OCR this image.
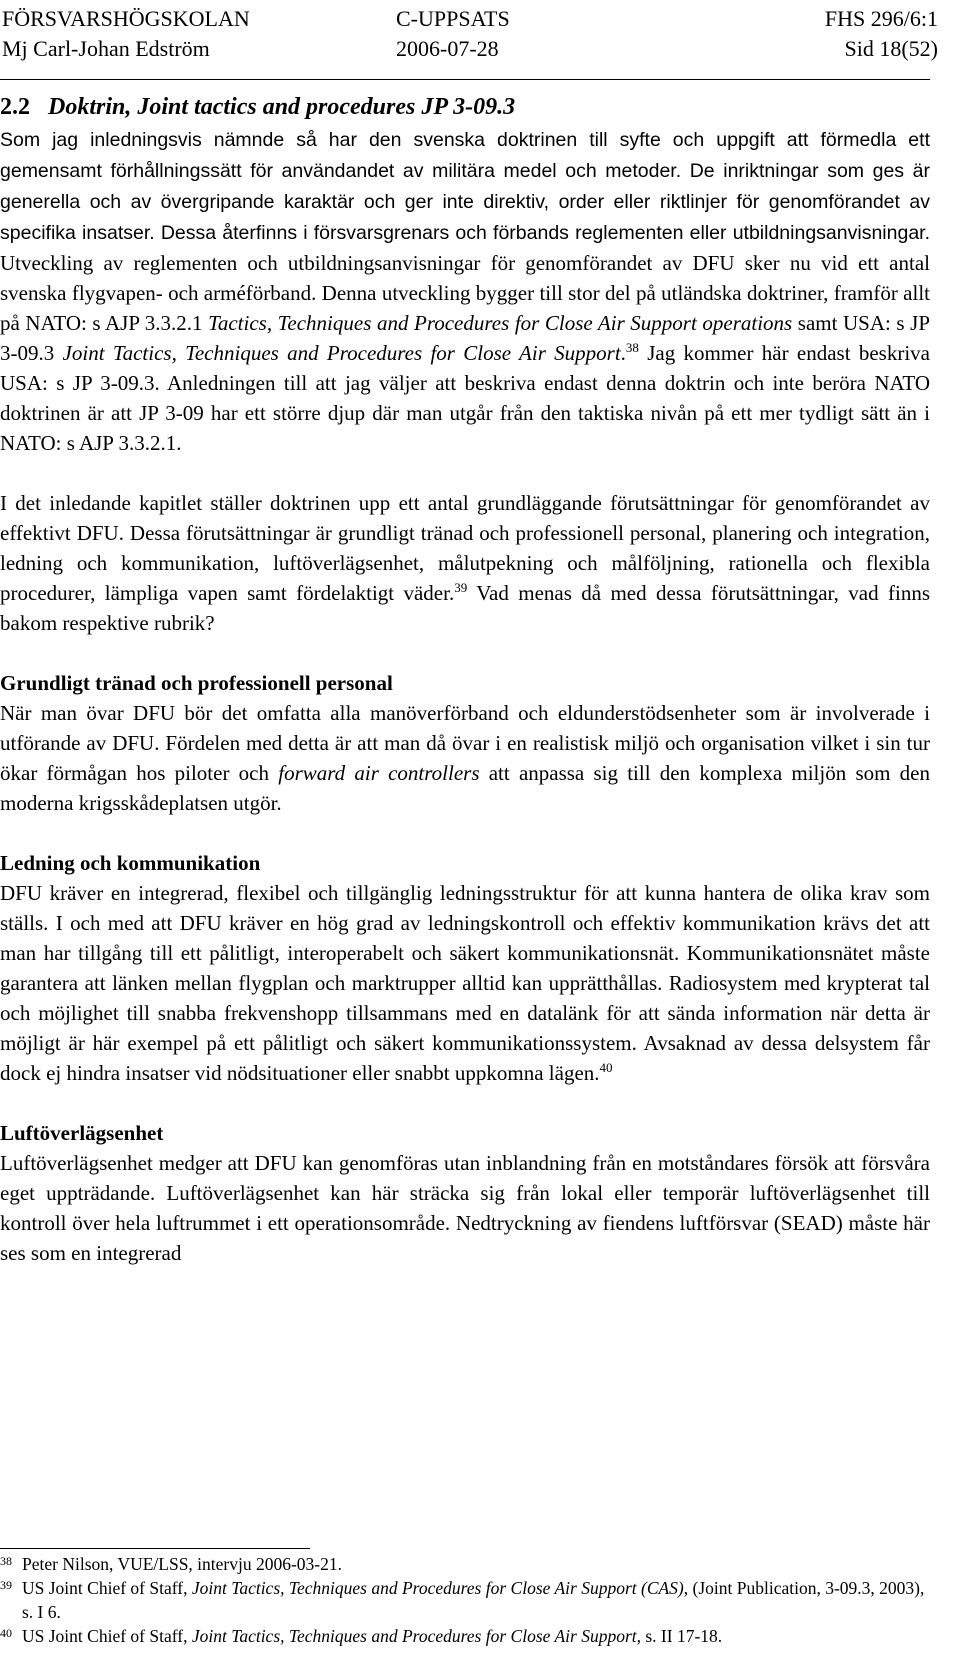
FÖRSVARSHÖGSKOLAN	C-UPPSATS	FHS 296/6:1
Mj Carl-Johan Edström	2006-07-28	Sid 18(52)
2.2 Doktrin, Joint tactics and procedures JP 3-09.3

Som jag inledningsvis nämnde så har den svenska doktrinen till syfte och uppgift att förmedla ett gemensamt förhållningssätt för användandet av militära medel och metoder. De inriktningar som ges är generella och av övergripande karaktär och ger inte direktiv, order eller riktlinjer för genomförandet av specifika insatser. Dessa återfinns i försvarsgrenars och förbands reglementen eller utbildningsanvisningar. Utveckling av reglementen och utbildningsanvisningar för genomförandet av DFU sker nu vid ett antal svenska flygvapen- och arméförband. Denna utveckling bygger till stor del på utländska doktriner, framför allt på NATO: s AJP 3.3.2.1 Tactics, Techniques and Procedures for Close Air Support operations samt USA: s JP 3-09.3 Joint Tactics, Techniques and Procedures for Close Air Support.$^{38}$ Jag kommer här endast beskriva USA: s JP 3-09.3. Anledningen till att jag väljer att beskriva endast denna doktrin och inte beröra NATO doktrinen är att JP 3-09 har ett större djup där man utgår från den taktiska nivån på ett mer tydligt sätt än i NATO: s AJP 3.3.2.1.

I det inledande kapitlet ställer doktrinen upp ett antal grundläggande förutsättningar för genomförandet av effektivt DFU. Dessa förutsättningar är grundligt tränad och professionell personal, planering och integration, ledning och kommunikation, luftöverlägsenhet, målutpekning och målföljning, rationella och flexibla procedurer, lämpliga vapen samt fördelaktigt väder.$^{39}$ Vad menas då med dessa förutsättningar, vad finns bakom respektive rubrik?

Grundligt tränad och professionell personal

När man övar DFU bör det omfatta alla manöverförband och eldunderstödsenheter som är involverade i utförande av DFU. Fördelen med detta är att man då övar i en realistisk miljö och organisation vilket i sin tur ökar förmågan hos piloter och forward air controllers att anpassa sig till den komplexa miljön som den moderna krigsskådeplatsen utgör.

Ledning och kommunikation

DFU kräver en integrerad, flexibel och tillgänglig ledningsstruktur för att kunna hantera de olika krav som ställs. I och med att DFU kräver en hög grad av ledningskontroll och effektiv kommunikation krävs det att man har tillgång till ett pålitligt, interoperabelt och säkert kommunikationsnät. Kommunikationsnätet måste garantera att länken mellan flygplan och marktrupper alltid kan upprätthållas. Radiosystem med krypterat tal och möjlighet till snabba frekvenshopp tillsammans med en datalänk för att sända information när detta är möjligt är här exempel på ett pålitligt och säkert kommunikationssystem. Avsaknad av dessa delsystem får dock ej hindra insatser vid nödsituationer eller snabbt uppkomna lägen.$^{40}$

Luftöverlägsenhet

Luftöverlägsenhet medger att DFU kan genomföras utan inblandning från en motståndares försök att försvåra eget uppträdande. Luftöverlägsenhet kan här sträcka sig från lokal eller temporär luftöverlägsenhet till kontroll över hela luftrummet i ett operationsområde. Nedtryckning av fiendens luftförsvar (SEAD) måste här ses som en integrerad

38 Peter Nilson, VUE/LSS, intervju 2006-03-21.
39 US Joint Chief of Staff, Joint Tactics, Techniques and Procedures for Close Air Support (CAS), (Joint Publication, 3-09.3, 2003), s. I 6.
40 US Joint Chief of Staff, Joint Tactics, Techniques and Procedures for Close Air Support, s. II 17-18.
